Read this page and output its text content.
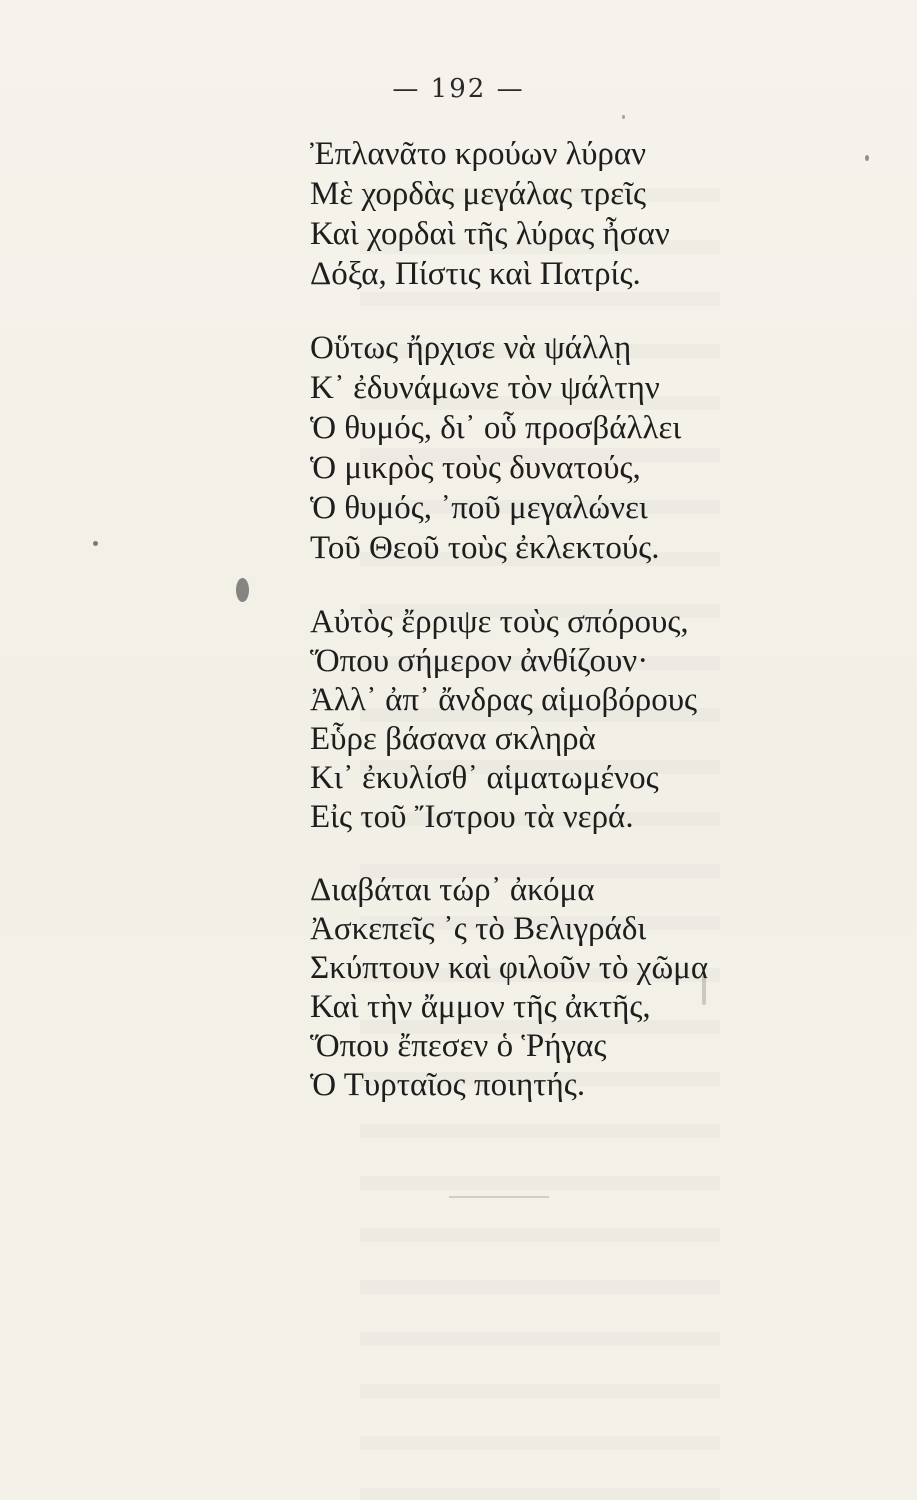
— 192 —
Ἐπλανᾶτο κρούων λύραν
Μὲ χορδὰς μεγάλας τρεῖς
Καὶ χορδαὶ τῆς λύρας ἦσαν
Δόξα, Πίστις καὶ Πατρίς.
Οὕτως ἤρχισε νὰ ψάλλῃ
Κ᾽ ἐδυνάμωνε τὸν ψάλτην
Ὁ θυμός, δι᾽ οὗ προσβάλλει
Ὁ μικρὸς τοὺς δυνατούς,
Ὁ θυμός, ᾽ποῦ μεγαλώνει
Τοῦ Θεοῦ τοὺς ἐκλεκτούς.
Αὐτὸς ἔρριψε τοὺς σπόρους,
Ὅπου σήμερον ἀνθίζουν·
Ἀλλ᾽ ἀπ᾽ ἄνδρας αἱμοβόρους
Εὗρε βάσανα σκληρὰ
Κι᾽ ἐκυλίσθ᾽ αἱματωμένος
Εἰς τοῦ Ἴστρου τὰ νερά.
Διαβάται τώρ᾽ ἀκόμα
Ἀσκεπεῖς ᾽ς τὸ Βελιγράδι
Σκύπτουν καὶ φιλοῦν τὸ χῶμα
Καὶ τὴν ἄμμον τῆς ἀκτῆς,
Ὅπου ἔπεσεν ὁ Ῥήγας
Ὁ Τυρταῖος ποιητής.
